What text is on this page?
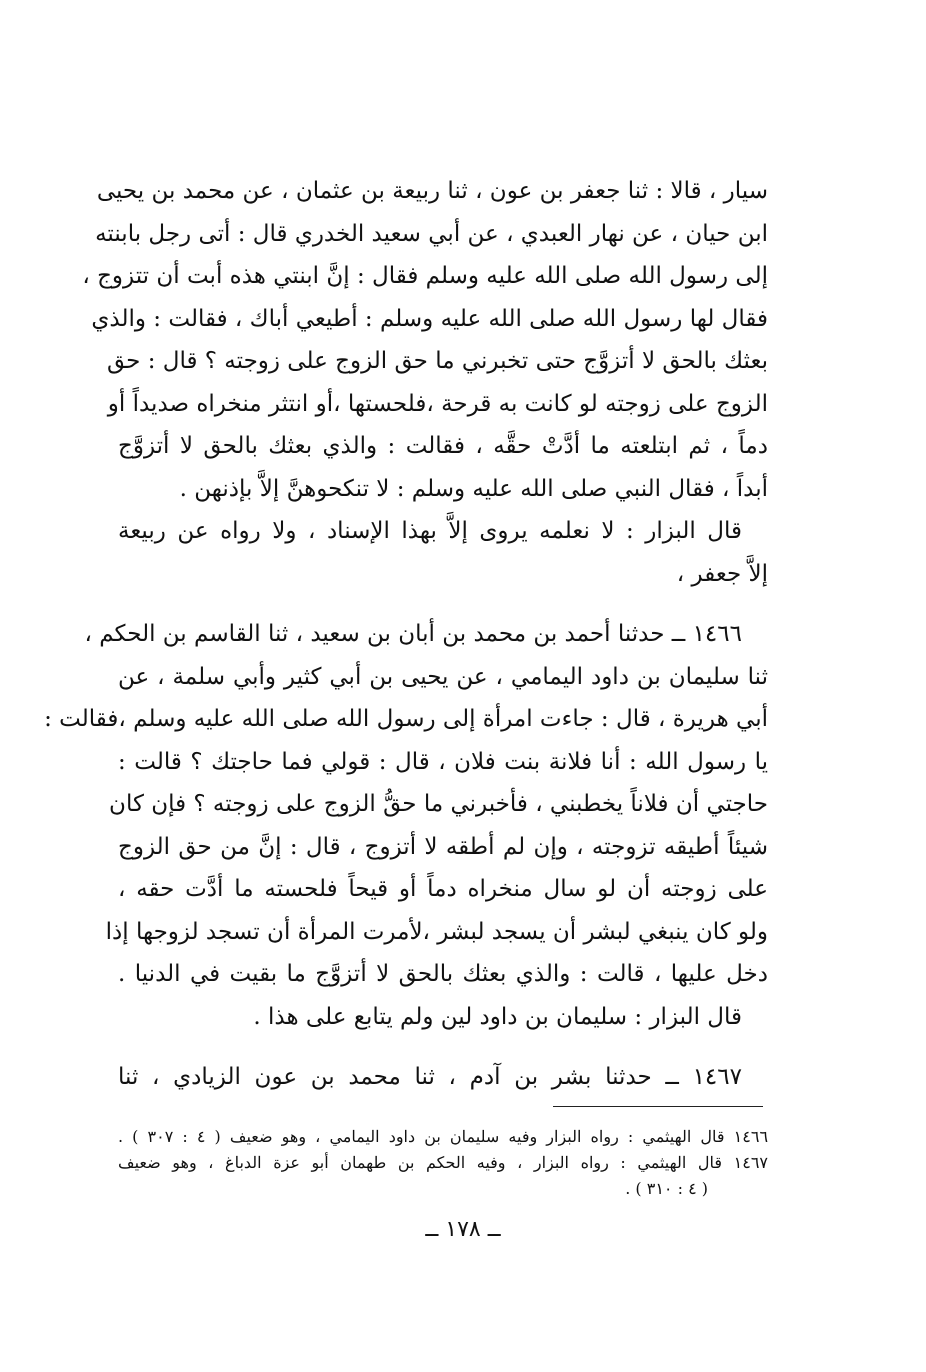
سيار ، قالا : ثنا جعفر بن عون ، ثنا ربيعة بن عثمان ، عن محمد بن يحيى
ابن حيان ، عن نهار العبدي ، عن أبي سعيد الخدري قال : أتى رجل بابنته
إلى رسول الله صلى الله عليه وسلم فقال : إنَّ ابنتي هذه أبت أن تتزوج ،
فقال لها رسول الله صلى الله عليه وسلم : أطيعي أباك ، فقالت : والذي
بعثك بالحق لا أتزوَّج حتى تخبرني ما حق الزوج على زوجته ؟ قال : حق
الزوج على زوجته لو كانت به قرحة ،فلحستها ،أو انتثر منخراه صديداً أو
دماً ، ثم ابتلعته ما أدَّتْ حقَّه ، فقالت : والذي بعثك بالحق لا أتزوَّج
أبداً ، فقال النبي صلى الله عليه وسلم : لا تنكحوهنَّ إلاَّ بإذنهن .
قال البزار : لا نعلمه يروى إلاَّ بهذا الإسناد ، ولا رواه عن ربيعة
إلاَّ جعفر ،
١٤٦٦ ــ حدثنا أحمد بن محمد بن أبان بن سعيد ، ثنا القاسم بن الحكم ،
ثنا سليمان بن داود اليمامي ، عن يحيى بن أبي كثير وأبي سلمة ، عن
أبي هريرة ، قال : جاءت امرأة إلى رسول الله صلى الله عليه وسلم ،فقالت :
يا رسول الله : أنا فلانة بنت فلان ، قال : قولي فما حاجتك ؟ قالت :
حاجتي أن فلاناً يخطبني ، فأخبرني ما حقُّ الزوج على زوجته ؟ فإن كان
شيئاً أطيقه تزوجته ، وإن لم أطقه لا أتزوج ، قال : إنَّ من حق الزوج
على زوجته أن لو سال منخراه دماً أو قيحاً فلحسته ما أدَّت حقه ،
ولو كان ينبغي لبشر أن يسجد لبشر ،لأمرت المرأة أن تسجد لزوجها إذا
دخل عليها ، قالت : والذي بعثك بالحق لا أتزوَّج ما بقيت في الدنيا .
قال البزار : سليمان بن داود لين ولم يتابع على هذا .
١٤٦٧ ــ حدثنا بشر بن آدم ، ثنا محمد بن عون الزيادي ، ثنا
١٤٦٦ قال الهيثمي : رواه البزار وفيه سليمان بن داود اليمامي ، وهو ضعيف ( ٤ : ٣٠٧ ) .
١٤٦٧ قال الهيثمي : رواه البزار ، وفيه الحكم بن طهمان أبو عزة الدباغ ، وهو ضعيف
( ٤ : ٣١٠ ) .
ــ ١٧٨ ــ
